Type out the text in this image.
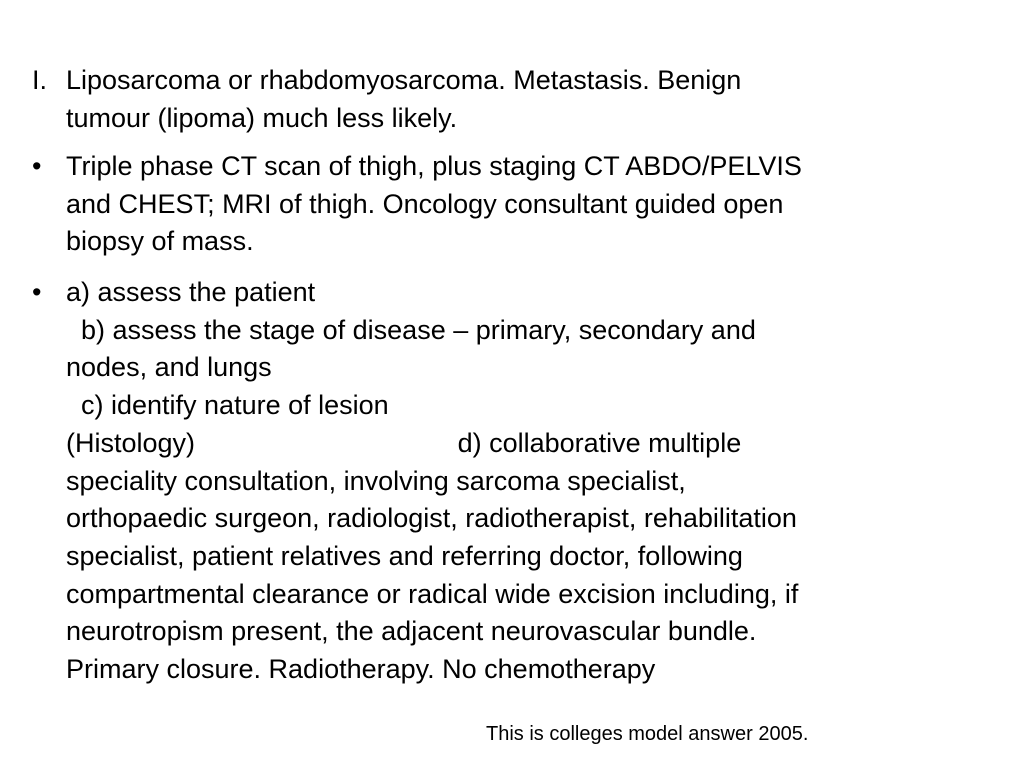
I. Liposarcoma or rhabdomyosarcoma. Metastasis. Benign
tumour (lipoma) much less likely.
• Triple phase CT scan of thigh, plus staging CT ABDO/PELVIS
and CHEST; MRI of thigh. Oncology consultant guided open
biopsy of mass.
• a) assess the patient
b) assess the stage of disease – primary, secondary and
nodes, and lungs
c) identify nature of lesion
(Histology)                                   d) collaborative multiple
speciality consultation, involving sarcoma specialist,
orthopaedic surgeon, radiologist, radiotherapist, rehabilitation
specialist, patient relatives and referring doctor, following
compartmental clearance or radical wide excision including, if
neurotropism present, the adjacent neurovascular bundle.
Primary closure. Radiotherapy. No chemotherapy
This is colleges model answer 2005.
